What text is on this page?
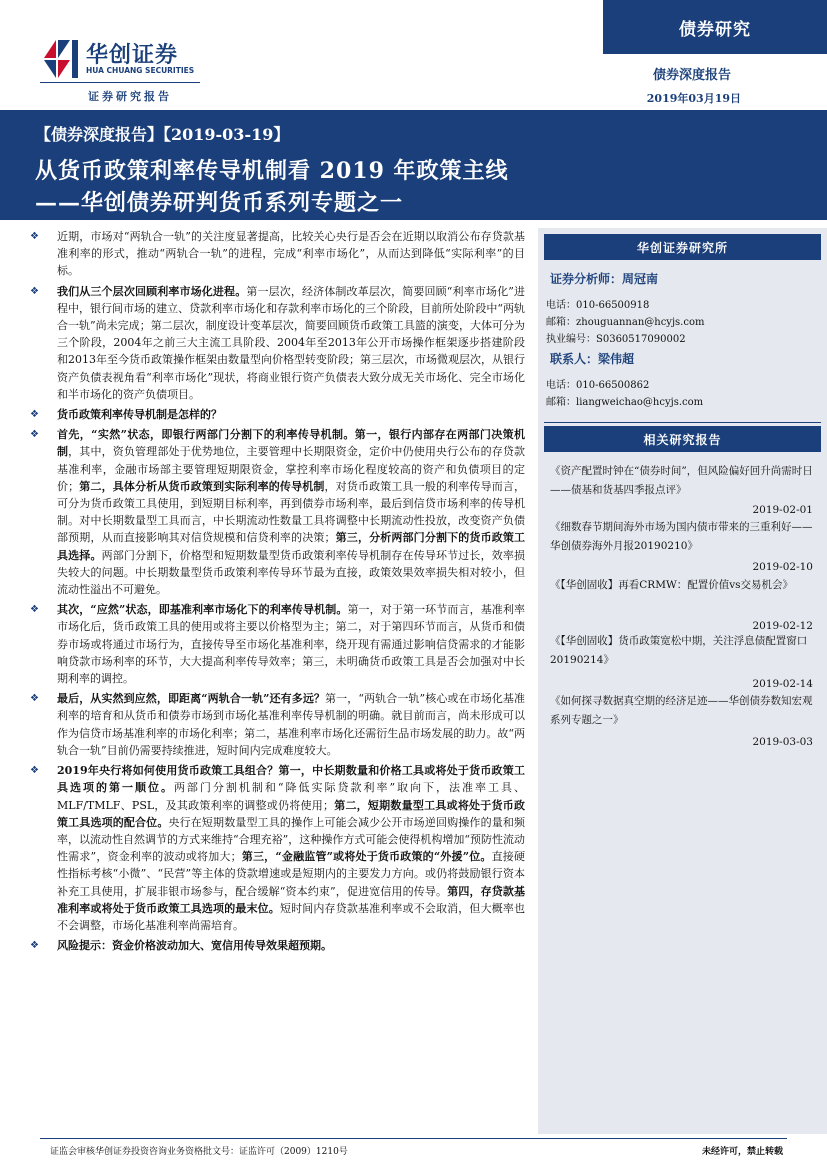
债券研究
华创证券
HUA CHUANG SECURITIES
证券研究报告
债券深度报告
2019年03月19日
【债券深度报告】【2019-03-19】
从货币政策利率传导机制看 2019 年政策主线
——华创债券研判货币系列专题之一
❖ 近期，市场对“两轨合一轨”的关注度显著提高，比较关心央行是否会在近期以取消公布存贷款基准利率的形式，推动“两轨合一轨”的进程，完成“利率市场化”，从而达到降低“实际利率”的目标。
❖ 我们从三个层次回顾利率市场化进程。第一层次，经济体制改革层次，简要回顾“利率市场化”进程中，银行间市场的建立、贷款利率市场化和存款利率市场化的三个阶段，目前所处阶段中“两轨合一轨”尚未完成；第二层次，制度设计变革层次，简要回顾货币政策工具篮的演变，大体可分为三个阶段，2004年之前三大主流工具阶段、2004年至2013年公开市场操作框架逐步搭建阶段和2013年至今货币政策操作框架由数量型向价格型转变阶段；第三层次，市场微观层次，从银行资产负债表视角看“利率市场化”现状，将商业银行资产负债表大致分成无关市场化、完全市场化和半市场化的资产负债项目。
❖ 货币政策利率传导机制是怎样的？
❖ 首先，“实然”状态，即银行两部门分割下的利率传导机制。第一，银行内部存在两部门决策机制，其中，资负管理部处于优势地位，主要管理中长期限资金，定价中仍使用央行公布的存贷款基准利率，金融市场部主要管理短期限资金，掌控利率市场化程度较高的资产和负债项目的定价；第二，具体分析从货币政策到实际利率的传导机制，对货币政策工具一般的利率传导而言，可分为货币政策工具使用，到短期目标利率，再到债券市场利率，最后到信贷市场利率的传导机制。对中长期数量型工具而言，中长期流动性数量工具将调整中长期流动性投放，改变资产负债部预期，从而直接影响其对信贷规模和信贷利率的决策；第三，分析两部门分割下的货币政策工具选择。两部门分割下，价格型和短期数量型货币政策利率传导机制存在传导环节过长，效率损失较大的问题。中长期数量型货币政策利率传导环节最为直接，政策效果效率损失相对较小，但流动性溢出不可避免。
❖ 其次，“应然”状态，即基准利率市场化下的利率传导机制。第一，对于第一环节而言，基准利率市场化后，货币政策工具的使用或将主要以价格型为主；第二，对于第四环节而言，从货币和债券市场或将通过市场行为，直接传导至市场化基准利率，绕开现有需通过影响信贷需求的才能影响贷款市场利率的环节，大大提高利率传导效率；第三，未明确货币政策工具是否会加强对中长期利率的调控。
❖ 最后，从实然到应然，即距离“两轨合一轨”还有多远？第一，“两轨合一轨”核心或在市场化基准利率的培育和从货币和债券市场到市场化基准利率传导机制的明确。就目前而言，尚未形成可以作为信贷市场基准利率的市场化利率；第二，基准利率市场化还需衍生品市场发展的助力。故“两轨合一轨”目前仍需要持续推进，短时间内完成难度较大。
❖ 2019年央行将如何使用货币政策工具组合？第一，中长期数量和价格工具或将处于货币政策工具选项的第一顺位。两部门分割机制和“降低实际贷款利率”取向下，法准率工具、MLF/TMLF、PSL，及其政策利率的调整或仍将使用；第二，短期数量型工具或将处于货币政策工具选项的配合位。央行在短期数量型工具的操作上可能会减少公开市场逆回购操作的量和频率，以流动性自然调节的方式来维持“合理充裕”，这种操作方式可能会使得机构增加“预防性流动性需求”，资金利率的波动或将加大；第三，“金融监管”或将处于货币政策的“外援”位。直接硬性指标考核“小微”、“民营”等主体的贷款增速或是短期内的主要发力方向。或仍将鼓励银行资本补充工具使用，扩展非银市场参与，配合缓解“资本约束”，促进宽信用的传导。第四，存贷款基准利率或将处于货币政策工具选项的最末位。短时间内存贷款基准利率或不会取消，但大概率也不会调整，市场化基准利率尚需培育。
❖ 风险提示：资金价格波动加大、宽信用传导效果超预期。
华创证券研究所
证券分析师：周冠南
电话：010-66500918
邮箱：zhouguannan@hcyjs.com
执业编号：S0360517090002
联系人：梁伟超
电话：010-66500862
邮箱：liangweichao@hcyjs.com
相关研究报告
《资产配置时钟在“债券时间”，但风险偏好回升尚需时日——债基和货基四季报点评》
2019-02-01
《细数春节期间海外市场为国内债市带来的三重利好——华创债券海外月报20190210》
2019-02-10
《【华创固收】再看CRMW：配置价值vs交易机会》
2019-02-12
《【华创固收】货币政策宽松中期，关注浮息债配置窗口20190214》
2019-02-14
《如何探寻数据真空期的经济足迹——华创债券数知宏观系列专题之一》
2019-03-03
证监会审核华创证券投资咨询业务资格批文号：证监许可（2009）1210号	未经许可，禁止转载
